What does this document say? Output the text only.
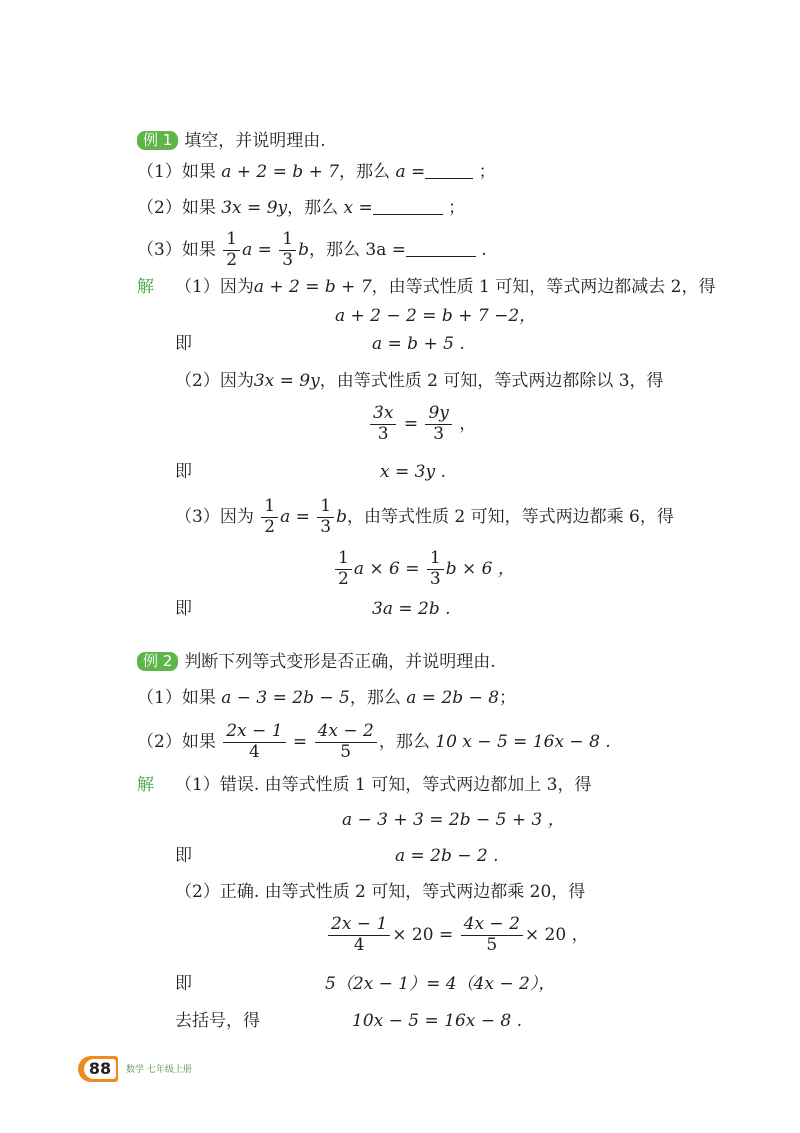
例 1 填空，并说明理由.
（1）如果 a + 2 = b + 7，那么 a =	；
（2）如果 3x = 9y，那么 x =	；
（3）如果 $\frac{1}{2}$ $a = \frac{1}{3}$ b，那么 3a =	.
解 （1）因为a + 2 = b + 7，由等式性质 1 可知，等式两边都减去 2，得
a + 2 − 2 = b + 7 −2，
即	a = b + 5 .
（2）因为3x = 9y，由等式性质 2 可知，等式两边都除以 3，得
$\frac{3x}{3} = \frac{9y}{3}$ ，
即	x = 3y .
（3）因为 $\frac{1}{2}$ $a = \frac{1}{3}$ b，由等式性质 2 可知，等式两边都乘 6，得
$\frac{1}{2}$ $a \times 6 = \frac{1}{3}$ b × 6 ，
即	3a = 2b .
例 2 判断下列等式变形是否正确，并说明理由.
（1）如果 a − 3 = 2b − 5，那么 a = 2b − 8；
（2）如果 $\frac{2x - 1}{4} = \frac{4x - 2}{5}$ ，那么 10 x − 5 = 16x − 8 .
解 （1）错误. 由等式性质 1 可知，等式两边都加上 3，得
a − 3 + 3 = 2b − 5 + 3 ，
即	a = 2b − 2 .
（2）正确. 由等式性质 2 可知，等式两边都乘 20，得
$\frac{2x - 1}{4} \times 20 = \frac{4x - 2}{5} \times 20$ ，
即	5（2x − 1）= 4（4x − 2），
去括号，得	10x − 5 = 16x − 8 .
88	数学 七年级上册
